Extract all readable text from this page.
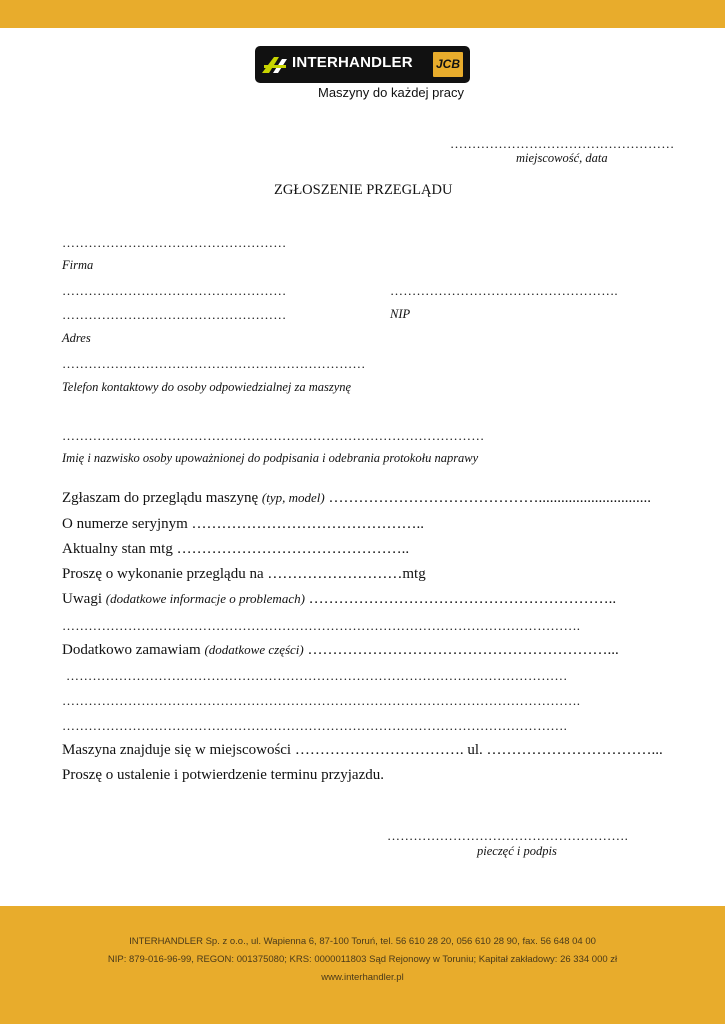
INTERHANDLER	JCB
Maszyny do każdej pracy
……………………………………………
miejscowość, data
ZGŁOSZENIE PRZEGLĄDU
……………………………………………
Firma
……………………………………………	…………………………………………….
……………………………………………	NIP
Adres
……………………………………………………………
Telefon kontaktowy do osoby odpowiedzialnej za maszynę
……………………………………………………………………………………
Imię i nazwisko osoby upoważnionej do podpisania i odebrania protokołu naprawy
Zgłaszam do przeglądu maszynę (typ, model) ……………………………………..............................
O numerze seryjnym ………………………………………..
Aktualny stan mtg ………………………………………..
Proszę o wykonanie przeglądu na ………………………mtg
Uwagi (dodatkowe informacje o problemach) ……………………………………………………..
……………………………………………………………………………………………………….
Dodatkowo zamawiam (dodatkowe części) ……………………………………………………...
……………………………………………………………………………………………………
……………………………………………………………………………………………………….
…………………………………………………………………………………………………….
Maszyna znajduje się w miejscowości ……………………………. ul. ……………………………...
Proszę o ustalenie i potwierdzenie terminu przyjazdu.
……………………………………………….
pieczęć i podpis
INTERHANDLER Sp. z o.o., ul. Wapienna 6, 87-100 Toruń, tel. 56 610 28 20, 056 610 28 90, fax. 56 648 04 00
NIP: 879-016-96-99, REGON: 001375080; KRS: 0000011803 Sąd Rejonowy w Toruniu; Kapitał zakładowy: 26 334 000 zł
www.interhandler.pl
